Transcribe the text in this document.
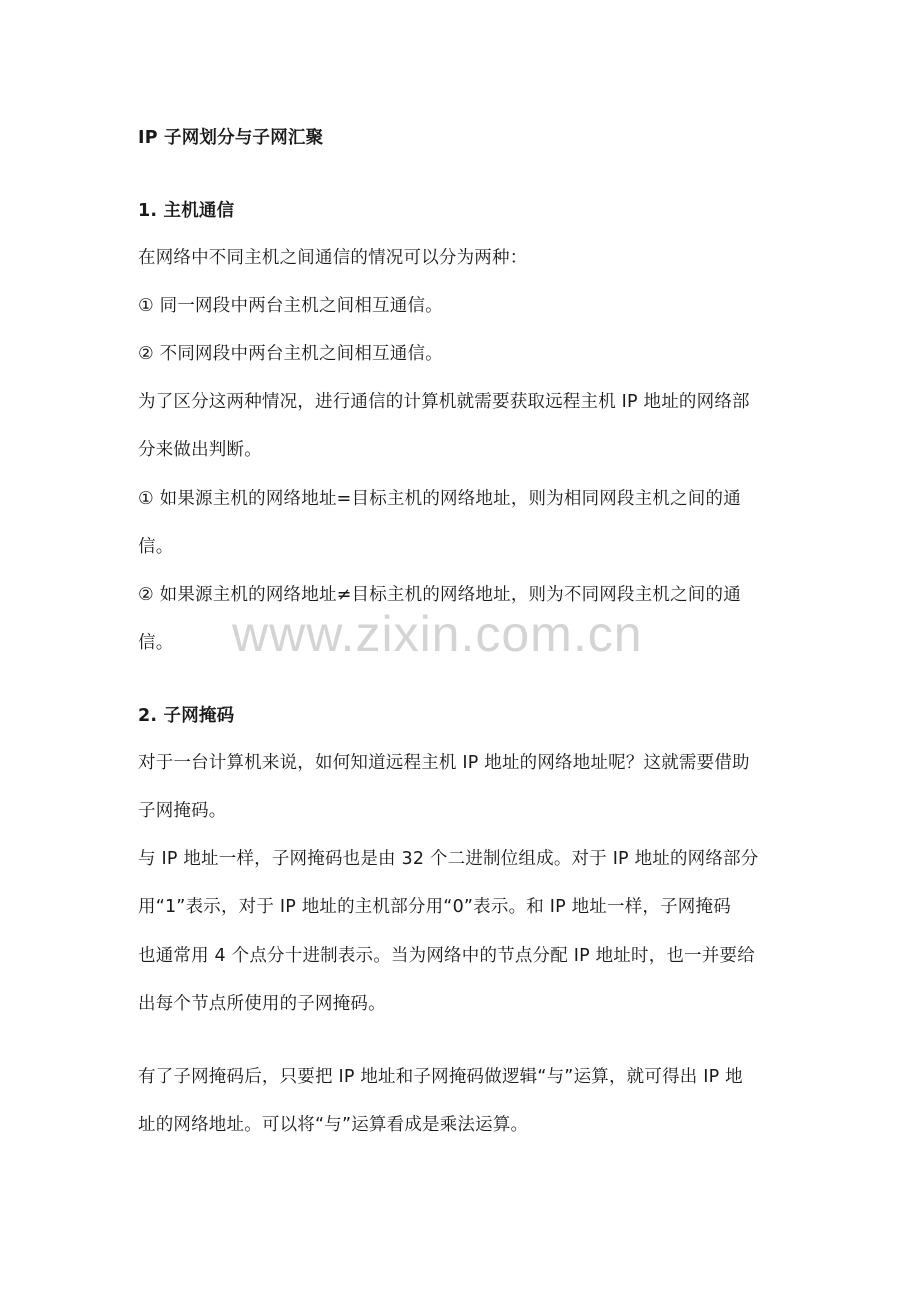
IP 子网划分与子网汇聚
1. 主机通信
在网络中不同主机之间通信的情况可以分为两种：
① 同一网段中两台主机之间相互通信。
② 不同网段中两台主机之间相互通信。
为了区分这两种情况，进行通信的计算机就需要获取远程主机 IP 地址的网络部
分来做出判断。
① 如果源主机的网络地址=目标主机的网络地址，则为相同网段主机之间的通
信。
② 如果源主机的网络地址≠目标主机的网络地址，则为不同网段主机之间的通
信。
2. 子网掩码
对于一台计算机来说，如何知道远程主机 IP 地址的网络地址呢？这就需要借助
子网掩码。
与 IP 地址一样，子网掩码也是由 32 个二进制位组成。对于 IP 地址的网络部分
用“1”表示，对于 IP 地址的主机部分用“0”表示。和 IP 地址一样，子网掩码
也通常用 4 个点分十进制表示。当为网络中的节点分配 IP 地址时，也一并要给
出每个节点所使用的子网掩码。
有了子网掩码后，只要把 IP 地址和子网掩码做逻辑“与”运算，就可得出 IP 地
址的网络地址。可以将“与”运算看成是乘法运算。
www.zixin.com.cn
